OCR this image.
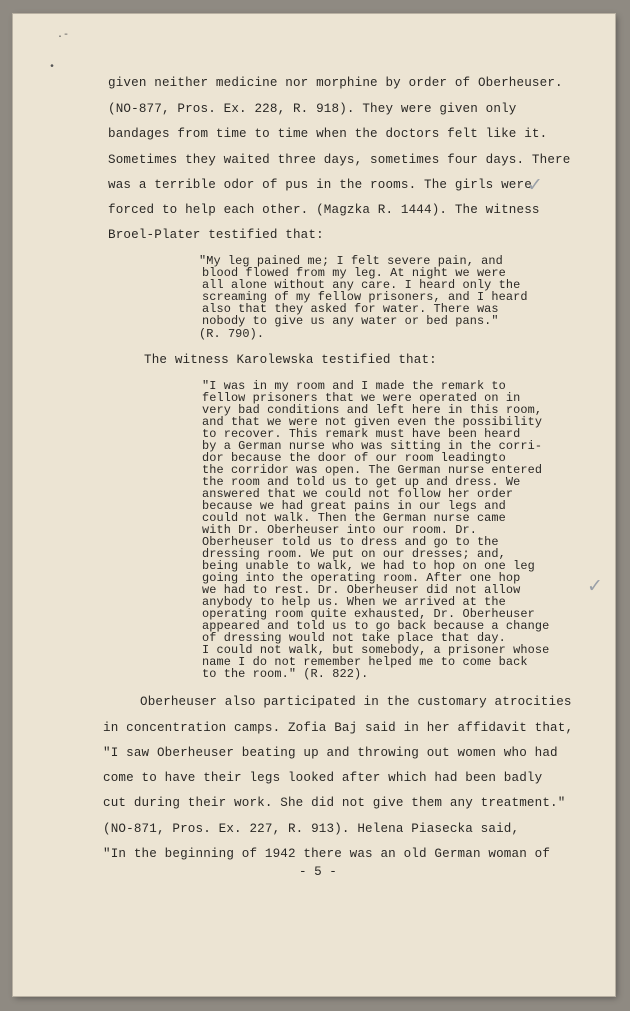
.-
•
given neither medicine nor morphine by order of Oberheuser.
(NO-877, Pros. Ex. 228, R. 918). They were given only
bandages from time to time when the doctors felt like it.
Sometimes they waited three days, sometimes four days. There
was a terrible odor of pus in the rooms. The girls were
forced to help each other. (Magzka R. 1444). The witness
Broel-Plater testified that:
"My leg pained me; I felt severe pain, and
blood flowed from my leg. At night we were
all alone without any care. I heard only the
screaming of my fellow prisoners, and I heard
also that they asked for water. There was
nobody to give us any water or bed pans."
(R. 790).
The witness Karolewska testified that:
"I was in my room and I made the remark to
fellow prisoners that we were operated on in
very bad conditions and left here in this room,
and that we were not given even the possibility
to recover. This remark must have been heard
by a German nurse who was sitting in the corri-
dor because the door of our room leadingto
the corridor was open. The German nurse entered
the room and told us to get up and dress. We
answered that we could not follow her order
because we had great pains in our legs and
could not walk. Then the German nurse came
with Dr. Oberheuser into our room. Dr.
Oberheuser told us to dress and go to the
dressing room. We put on our dresses; and,
being unable to walk, we had to hop on one leg
going into the operating room. After one hop
we had to rest. Dr. Oberheuser did not allow
anybody to help us. When we arrived at the
operating room quite exhausted, Dr. Oberheuser
appeared and told us to go back because a change
of dressing would not take place that day.
I could not walk, but somebody, a prisoner whose
name I do not remember helped me to come back
to the room." (R. 822).
Oberheuser also participated in the customary atrocities
in concentration camps. Zofia Baj said in her affidavit that,
"I saw Oberheuser beating up and throwing out women who had
come to have their legs looked after which had been badly
cut during their work. She did not give them any treatment."
(NO-871, Pros. Ex. 227, R. 913). Helena Piasecka said,
"In the beginning of 1942 there was an old German woman of
- 5 -
✓
✓
